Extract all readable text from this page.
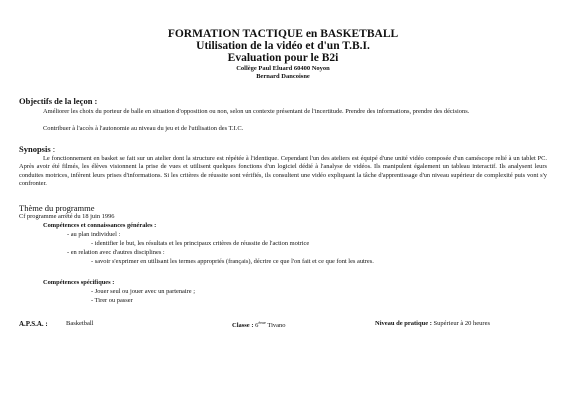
FORMATION TACTIQUE en BASKETBALL
Utilisation de la vidéo et d'un T.B.I.
Evaluation pour le B2i
Collège Paul Eluard 60400 Noyon
Bernard Dancoisne
Objectifs de la leçon :
Améliorer les choix du porteur de balle en situation d'opposition ou non, selon un contexte présentant de l'incertitude. Prendre des informations, prendre des décisions.
Contribuer à l'accès à l'autonomie au niveau du jeu et de l'utilisation des T.I.C.
Synopsis :
Le fonctionnement en basket se fait sur un atelier dont la structure est répétée à l'identique. Cependant l'un des ateliers est équipé d'une unité vidéo composée d'un caméscope relié à un tablet PC. Après avoir été filmés, les élèves visionnent la prise de vues et utilisent quelques fonctions d'un logiciel dédié à l'analyse de vidéos. Ils manipulent également un tableau interactif. Ils analysent leurs conduites motrices, infèrent leurs prises d'informations. Si les critères de réussite sont vérifiés, ils consultent une vidéo expliquant la tâche d'apprentissage d'un niveau supérieur de complexité puis vont s'y confronter.
Thème du programme
Cf programme arrêté du 18 juin 1996
Compétences et connaissances générales :
- au plan individuel :
- identifier le but, les résultats et les principaux critères de réussite de l'action motrice
- en relation avec d'autres disciplines :
- savoir s'exprimer en utilisant les termes appropriés (français), décrire ce que l'on fait et ce que font les autres.
Compétences spécifiques :
- Jouer seul ou jouer avec un partenaire ;
- Tirer ou passer
A.P.S.A. :	Basketball	Classe : 6ème Tivano	Niveau de pratique : Supérieur à 20 heures
